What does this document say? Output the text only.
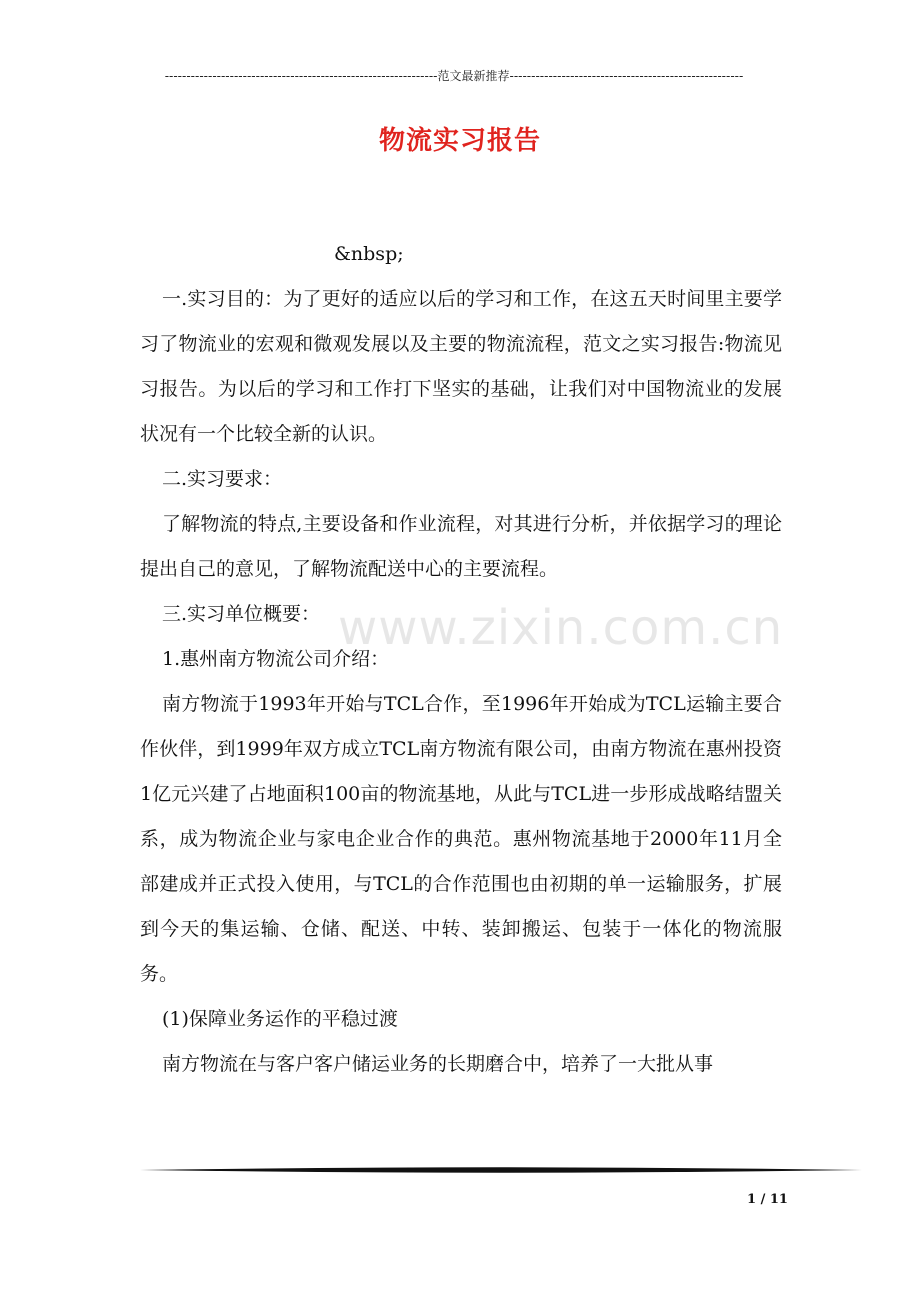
---------------------------------------------------------------范文最新推荐------------------------------------------------------
物流实习报告

&nbsp;

一.实习目的：为了更好的适应以后的学习和工作，在这五天时间里主要学习了物流业的宏观和微观发展以及主要的物流流程，范文之实习报告:物流见习报告。为以后的学习和工作打下坚实的基础，让我们对中国物流业的发展状况有一个比较全新的认识。

二.实习要求：

了解物流的特点,主要设备和作业流程，对其进行分析，并依据学习的理论提出自己的意见，了解物流配送中心的主要流程。

三.实习单位概要：

1.惠州南方物流公司介绍：

南方物流于1993年开始与TCL合作，至1996年开始成为TCL运输主要合作伙伴，到1999年双方成立TCL南方物流有限公司，由南方物流在惠州投资1亿元兴建了占地面积100亩的物流基地，从此与TCL进一步形成战略结盟关系，成为物流企业与家电企业合作的典范。惠州物流基地于2000年11月全部建成并正式投入使用，与TCL的合作范围也由初期的单一运输服务，扩展到今天的集运输、仓储、配送、中转、装卸搬运、包装于一体化的物流服务。

(1)保障业务运作的平稳过渡

南方物流在与客户客户储运业务的长期磨合中，培养了一大批从事

www.zixin.com.cn
1 / 11
